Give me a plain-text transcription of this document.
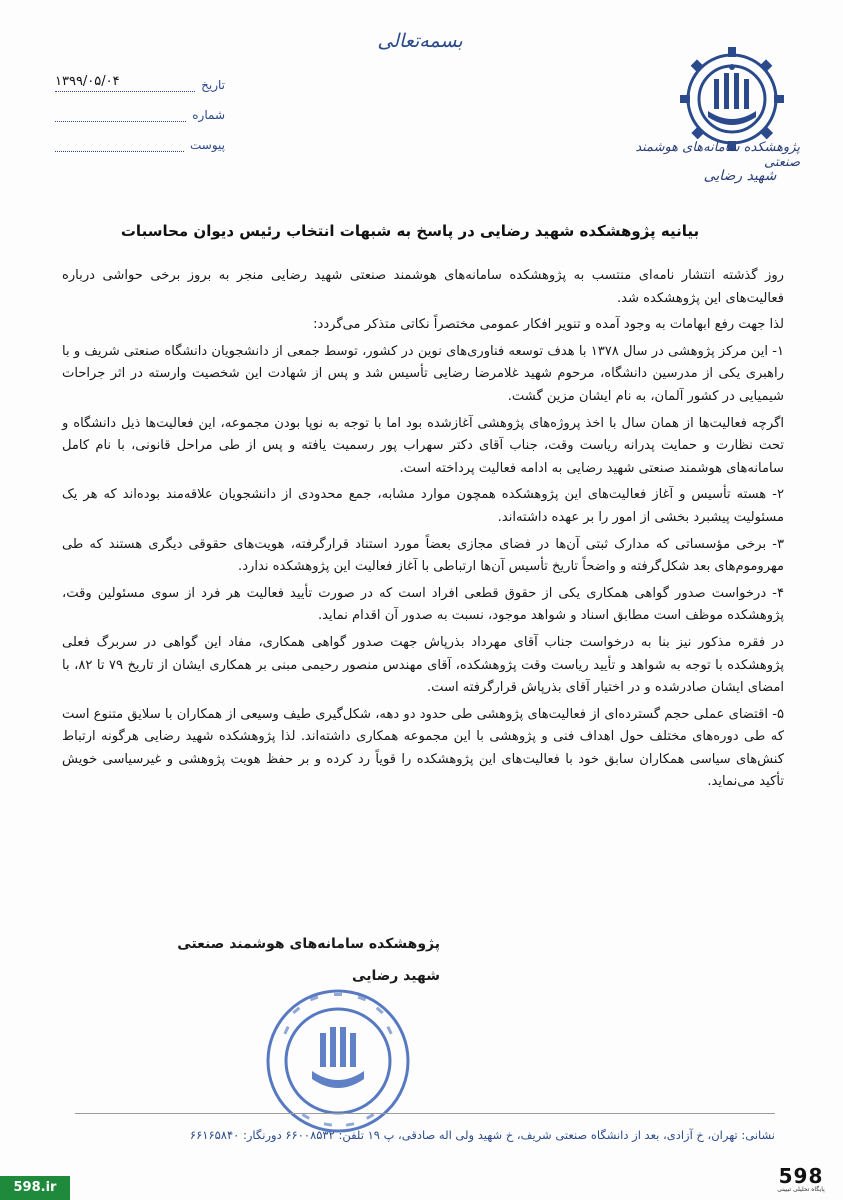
بسمه‌تعالی
پژوهشکده سامانه‌های هوشمند صنعتی
شهید رضایی
تاریخ
۱۳۹۹/۰۵/۰۴
شماره
پیوست
بیانیه پژوهشکده شهید رضایی در پاسخ به شبهات انتخاب رئیس دیوان محاسبات

روز گذشته انتشار نامه‌ای منتسب به پژوهشکده سامانه‌های هوشمند صنعتی شهید رضایی منجر به بروز برخی حواشی درباره فعالیت‌های این پژوهشکده شد.

لذا جهت رفع ابهامات به وجود آمده و تنویر افکار عمومی مختصراً نکاتی متذکر می‌گردد:

۱- این مرکز پژوهشی در سال ۱۳۷۸ با هدف توسعه فناوری‌های نوین در کشور، توسط جمعی از دانشجویان دانشگاه صنعتی شریف و با راهبری یکی از مدرسین دانشگاه، مرحوم شهید غلامرضا رضایی تأسیس شد و پس از شهادت این شخصیت وارسته در اثر جراحات شیمیایی در کشور آلمان، به نام ایشان مزین گشت.

اگرچه فعالیت‌ها از همان سال با اخذ پروژه‌های پژوهشی آغازشده بود اما با توجه به نوپا بودن مجموعه، این فعالیت‌ها ذیل دانشگاه و تحت نظارت و حمایت پدرانه ریاست وقت، جناب آقای دکتر سهراب پور رسمیت یافته و پس از طی مراحل قانونی، با نام کامل سامانه‌های هوشمند صنعتی شهید رضایی به ادامه فعالیت پرداخته است.

۲- هسته تأسیس و آغاز فعالیت‌های این پژوهشکده همچون موارد مشابه، جمع محدودی از دانشجویان علاقه‌مند بوده‌اند که هر یک مسئولیت پیشبرد بخشی از امور را بر عهده داشته‌اند.

۳- برخی مؤسساتی که مدارک ثبتی آن‌ها در فضای مجازی بعضاً مورد استناد قرارگرفته، هویت‌های حقوقی دیگری هستند که طی مهروموم‌های بعد شکل‌گرفته و واضحاً تاریخ تأسیس آن‌ها ارتباطی با آغاز فعالیت این پژوهشکده ندارد.

۴- درخواست صدور گواهی همکاری یکی از حقوق قطعی افراد است که در صورت تأیید فعالیت هر فرد از سوی مسئولین وقت، پژوهشکده موظف است مطابق اسناد و شواهد موجود، نسبت به صدور آن اقدام نماید.

در فقره مذکور نیز بنا به درخواست جناب آقای مهرداد بذرپاش جهت صدور گواهی همکاری، مفاد این گواهی در سربرگ فعلی پژوهشکده با توجه به شواهد و تأیید ریاست وقت پژوهشکده، آقای مهندس منصور رحیمی مبنی بر همکاری ایشان از تاریخ ۷۹ تا ۸۲، با امضای ایشان صادرشده و در اختیار آقای بذرپاش قرارگرفته است.

۵- اقتضای عملی حجم گسترده‌ای از فعالیت‌های پژوهشی طی حدود دو دهه، شکل‌گیری طیف وسیعی از همکاران با سلایق متنوع است که طی دوره‌های مختلف حول اهداف فنی و پژوهشی با این مجموعه همکاری داشته‌اند. لذا پژوهشکده شهید رضایی هرگونه ارتباط کنش‌های سیاسی همکاران سابق خود با فعالیت‌های این پژوهشکده را قویاً رد کرده و بر حفظ هویت پژوهشی و غیرسیاسی خویش تأکید می‌نماید.

پژوهشکده سامانه‌های هوشمند صنعتی
شهید رضایی
نشانی: تهران، خ آزادی، بعد از دانشگاه صنعتی شریف، خ شهید ولی اله صادقی، پ ۱۹ تلفن: ۶۶۰۰۸۵۳۲ دورنگار: ۶۶۱۶۵۸۴۰
598.ir	598
پایگاه تحلیلی تبیینی
